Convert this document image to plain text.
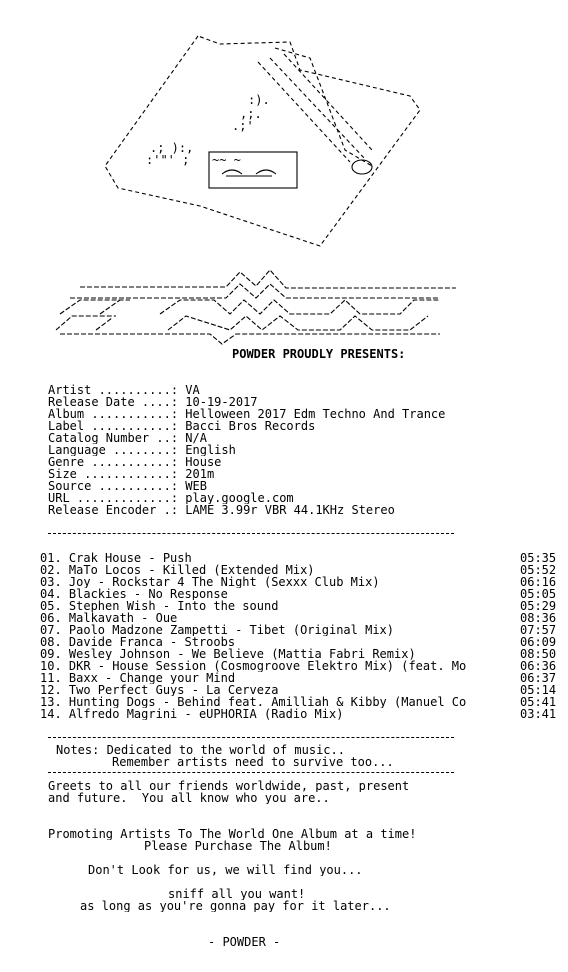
:).
,;.
.;'
.; ):,
:'"' ; ~~ ~
POWDER PROUDLY PRESENTS:
Artist ..........: VA
Release Date ....: 10-19-2017
Album ...........: Helloween 2017 Edm Techno And Trance
Label ...........: Bacci Bros Records
Catalog Number ..: N/A
Language ........: English
Genre ...........: House
Size ............: 201m
Source ..........: WEB
URL .............: play.google.com
Release Encoder .: LAME 3.99r VBR 44.1KHz Stereo
01. Crak House - Push	05:35
02. MaTo Locos - Killed (Extended Mix)	05:52
03. Joy - Rockstar 4 The Night (Sexxx Club Mix)	06:16
04. Blackies - No Response	05:05
05. Stephen Wish - Into the sound	05:29
06. Malkavath - Oue	08:36
07. Paolo Madzone Zampetti - Tibet (Original Mix)	07:57
08. Davide Franca - Stroobs	06:09
09. Wesley Johnson - We Believe (Mattia Fabri Remix)	08:50
10. DKR - House Session (Cosmogroove Elektro Mix) (feat. Mo	06:36
11. Baxx - Change your Mind	06:37
12. Two Perfect Guys - La Cerveza	05:14
13. Hunting Dogs - Behind feat. Amilliah & Kibby (Manuel Co	05:41
14. Alfredo Magrini - eUPHORIA (Radio Mix)	03:41
Notes: Dedicated to the world of music..
Remember artists need to survive too...
Greets to all our friends worldwide, past, present
and future.  You all know who you are..
Promoting Artists To The World One Album at a time!
Please Purchase The Album!
Don't Look for us, we will find you...
sniff all you want!
as long as you're gonna pay for it later...
- POWDER -
